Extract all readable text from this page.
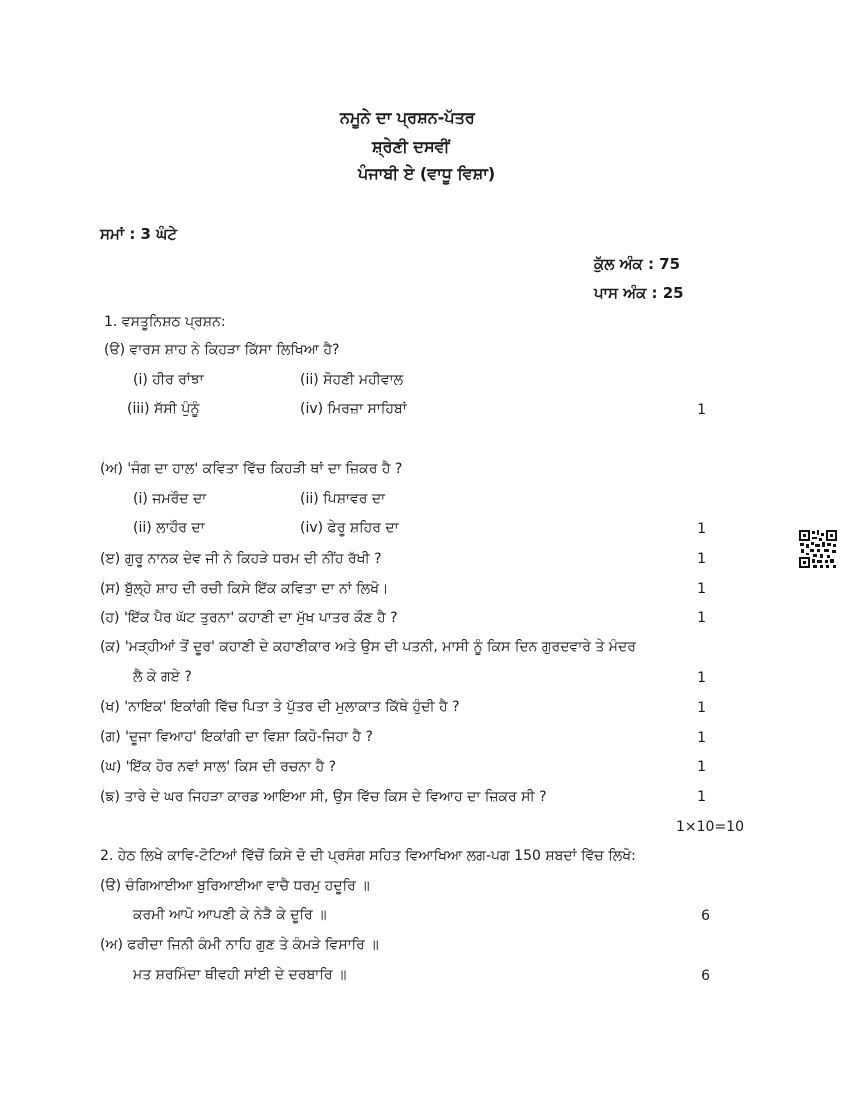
ਨਮੂਨੇ ਦਾ ਪ੍ਰਸ਼ਨ-ਪੱਤਰ
ਸ਼੍ਰੇਣੀ ਦਸਵੀਂ
ਪੰਜਾਬੀ ਏ (ਵਾਧੂ ਵਿਸ਼ਾ)
ਸਮਾਂ : 3 ਘੰਟੇ
ਕੁੱਲ ਅੰਕ : 75
ਪਾਸ ਅੰਕ : 25
1. ਵਸਤੂਨਿਸ਼ਠ ਪ੍ਰਸ਼ਨ:
(ੳ) ਵਾਰਸ ਸ਼ਾਹ ਨੇ ਕਿਹੜਾ ਕਿੱਸਾ ਲਿਖਿਆ ਹੈ?
(i) ਹੀਰ ਰਾਂਝਾ	(ii) ਸੋਹਣੀ ਮਹੀਵਾਲ
(iii) ਸੱਸੀ ਪੁੰਨੂੰ	(iv) ਮਿਰਜ਼ਾ ਸਾਹਿਬਾਂ	1
(ਅ) 'ਜੰਗ ਦਾ ਹਾਲ' ਕਵਿਤਾ ਵਿੱਚ ਕਿਹੜੀ ਥਾਂ ਦਾ ਜ਼ਿਕਰ ਹੈ ?
(i) ਜਮਰੌਦ ਦਾ	(ii) ਪਿਸ਼ਾਵਰ ਦਾ
(ii) ਲਾਹੌਰ ਦਾ	(iv) ਫੇਰੂ ਸ਼ਹਿਰ ਦਾ	1
(ੲ) ਗੁਰੂ ਨਾਨਕ ਦੇਵ ਜੀ ਨੇ ਕਿਹੜੇ ਧਰਮ ਦੀ ਨੀਂਹ ਰੱਖੀ ?	1
(ਸ) ਬੁੱਲ੍ਹੇ ਸ਼ਾਹ ਦੀ ਰਚੀ ਕਿਸੇ ਇੱਕ ਕਵਿਤਾ ਦਾ ਨਾਂ ਲਿਖੋ।	1
(ਹ) 'ਇੱਕ ਪੈਰ ਘੱਟ ਤੁਰਨਾ' ਕਹਾਣੀ ਦਾ ਮੁੱਖ ਪਾਤਰ ਕੌਣ ਹੈ ?	1
(ਕ) 'ਮੜ੍ਹੀਆਂ ਤੋਂ ਦੂਰ' ਕਹਾਣੀ ਦੇ ਕਹਾਣੀਕਾਰ ਅਤੇ ਉਸ ਦੀ ਪਤਨੀ, ਮਾਸੀ ਨੂੰ ਕਿਸ ਦਿਨ ਗੁਰਦਵਾਰੇ ਤੇ ਮੰਦਰ
ਲੈ ਕੇ ਗਏ ?	1
(ਖ) 'ਨਾਇਕ' ਇਕਾਂਗੀ ਵਿੱਚ ਪਿਤਾ ਤੇ ਪੁੱਤਰ ਦੀ ਮੁਲਾਕਾਤ ਕਿੱਥੇ ਹੁੰਦੀ ਹੈ ?	1
(ਗ) 'ਦੂਜਾ ਵਿਆਹ' ਇਕਾਂਗੀ ਦਾ ਵਿਸ਼ਾ ਕਿਹੋ-ਜਿਹਾ ਹੈ ?	1
(ਘ) 'ਇੱਕ ਹੋਰ ਨਵਾਂ ਸਾਲ' ਕਿਸ ਦੀ ਰਚਨਾ ਹੈ ?	1
(ਙ) ਤਾਰੇ ਦੇ ਘਰ ਜਿਹੜਾ ਕਾਰਡ ਆਇਆ ਸੀ, ਉਸ ਵਿੱਚ ਕਿਸ ਦੇ ਵਿਆਹ ਦਾ ਜ਼ਿਕਰ ਸੀ ?	1
1×10=10
2. ਹੇਠ ਲਿਖੇ ਕਾਵਿ-ਟੋਟਿਆਂ ਵਿੱਚੋਂ ਕਿਸੇ ਦੋ ਦੀ ਪ੍ਰਸੰਗ ਸਹਿਤ ਵਿਆਖਿਆ ਲਗ-ਪਗ 150 ਸ਼ਬਦਾਂ ਵਿੱਚ ਲਿਖੋ:
(ੳ) ਚੰਗਿਆਈਆ ਬੁਰਿਆਈਆ ਵਾਚੈ ਧਰਮੁ ਹਦੂਰਿ ॥
ਕਰਮੀ ਆਪੋ ਆਪਣੀ ਕੇ ਨੇੜੈ ਕੇ ਦੂਰਿ ॥	6
(ਅ) ਫਰੀਦਾ ਜਿਨੀ ਕੰਮੀ ਨਾਹਿ ਗੁਣ ਤੇ ਕੰਮੜੇ ਵਿਸਾਰਿ ॥
ਮਤ ਸ਼ਰਮਿੰਦਾ ਥੀਵਹੀ ਸਾਂਈ ਦੇ ਦਰਬਾਰਿ ॥	6
